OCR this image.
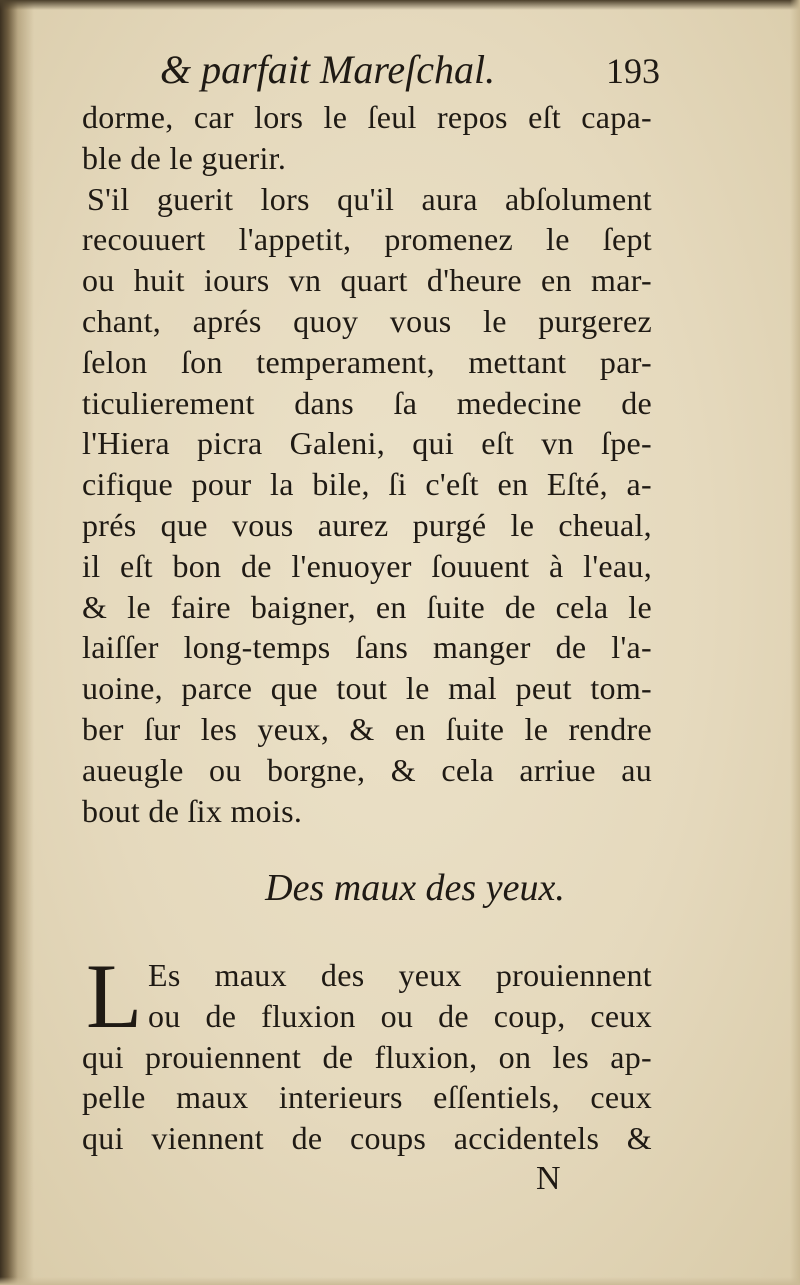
& parfait Mareſchal.	193
dorme, car lors le ſeul repos eſt capa-
ble de le guerir.
S'il guerit lors qu'il aura abſolument
recouuert l'appetit, promenez le ſept
ou huit iours vn quart d'heure en mar-
chant, aprés quoy vous le purgerez
ſelon ſon temperament, mettant par-
ticulierement dans ſa medecine de
l'Hiera picra Galeni, qui eſt vn ſpe-
cifique pour la bile, ſi c'eſt en Eſté, a-
prés que vous aurez purgé le cheual,
il eſt bon de l'enuoyer ſouuent à l'eau,
& le faire baigner, en ſuite de cela le
laiſſer long-temps ſans manger de l'a-
uoine, parce que tout le mal peut tom-
ber ſur les yeux, & en ſuite le rendre
aueugle ou borgne, & cela arriue au
bout de ſix mois.
Des maux des yeux.
L Es maux des yeux prouiennent
ou de fluxion ou de coup, ceux
qui prouiennent de fluxion, on les ap-
pelle maux interieurs eſſentiels, ceux
qui viennent de coups accidentels &
N
